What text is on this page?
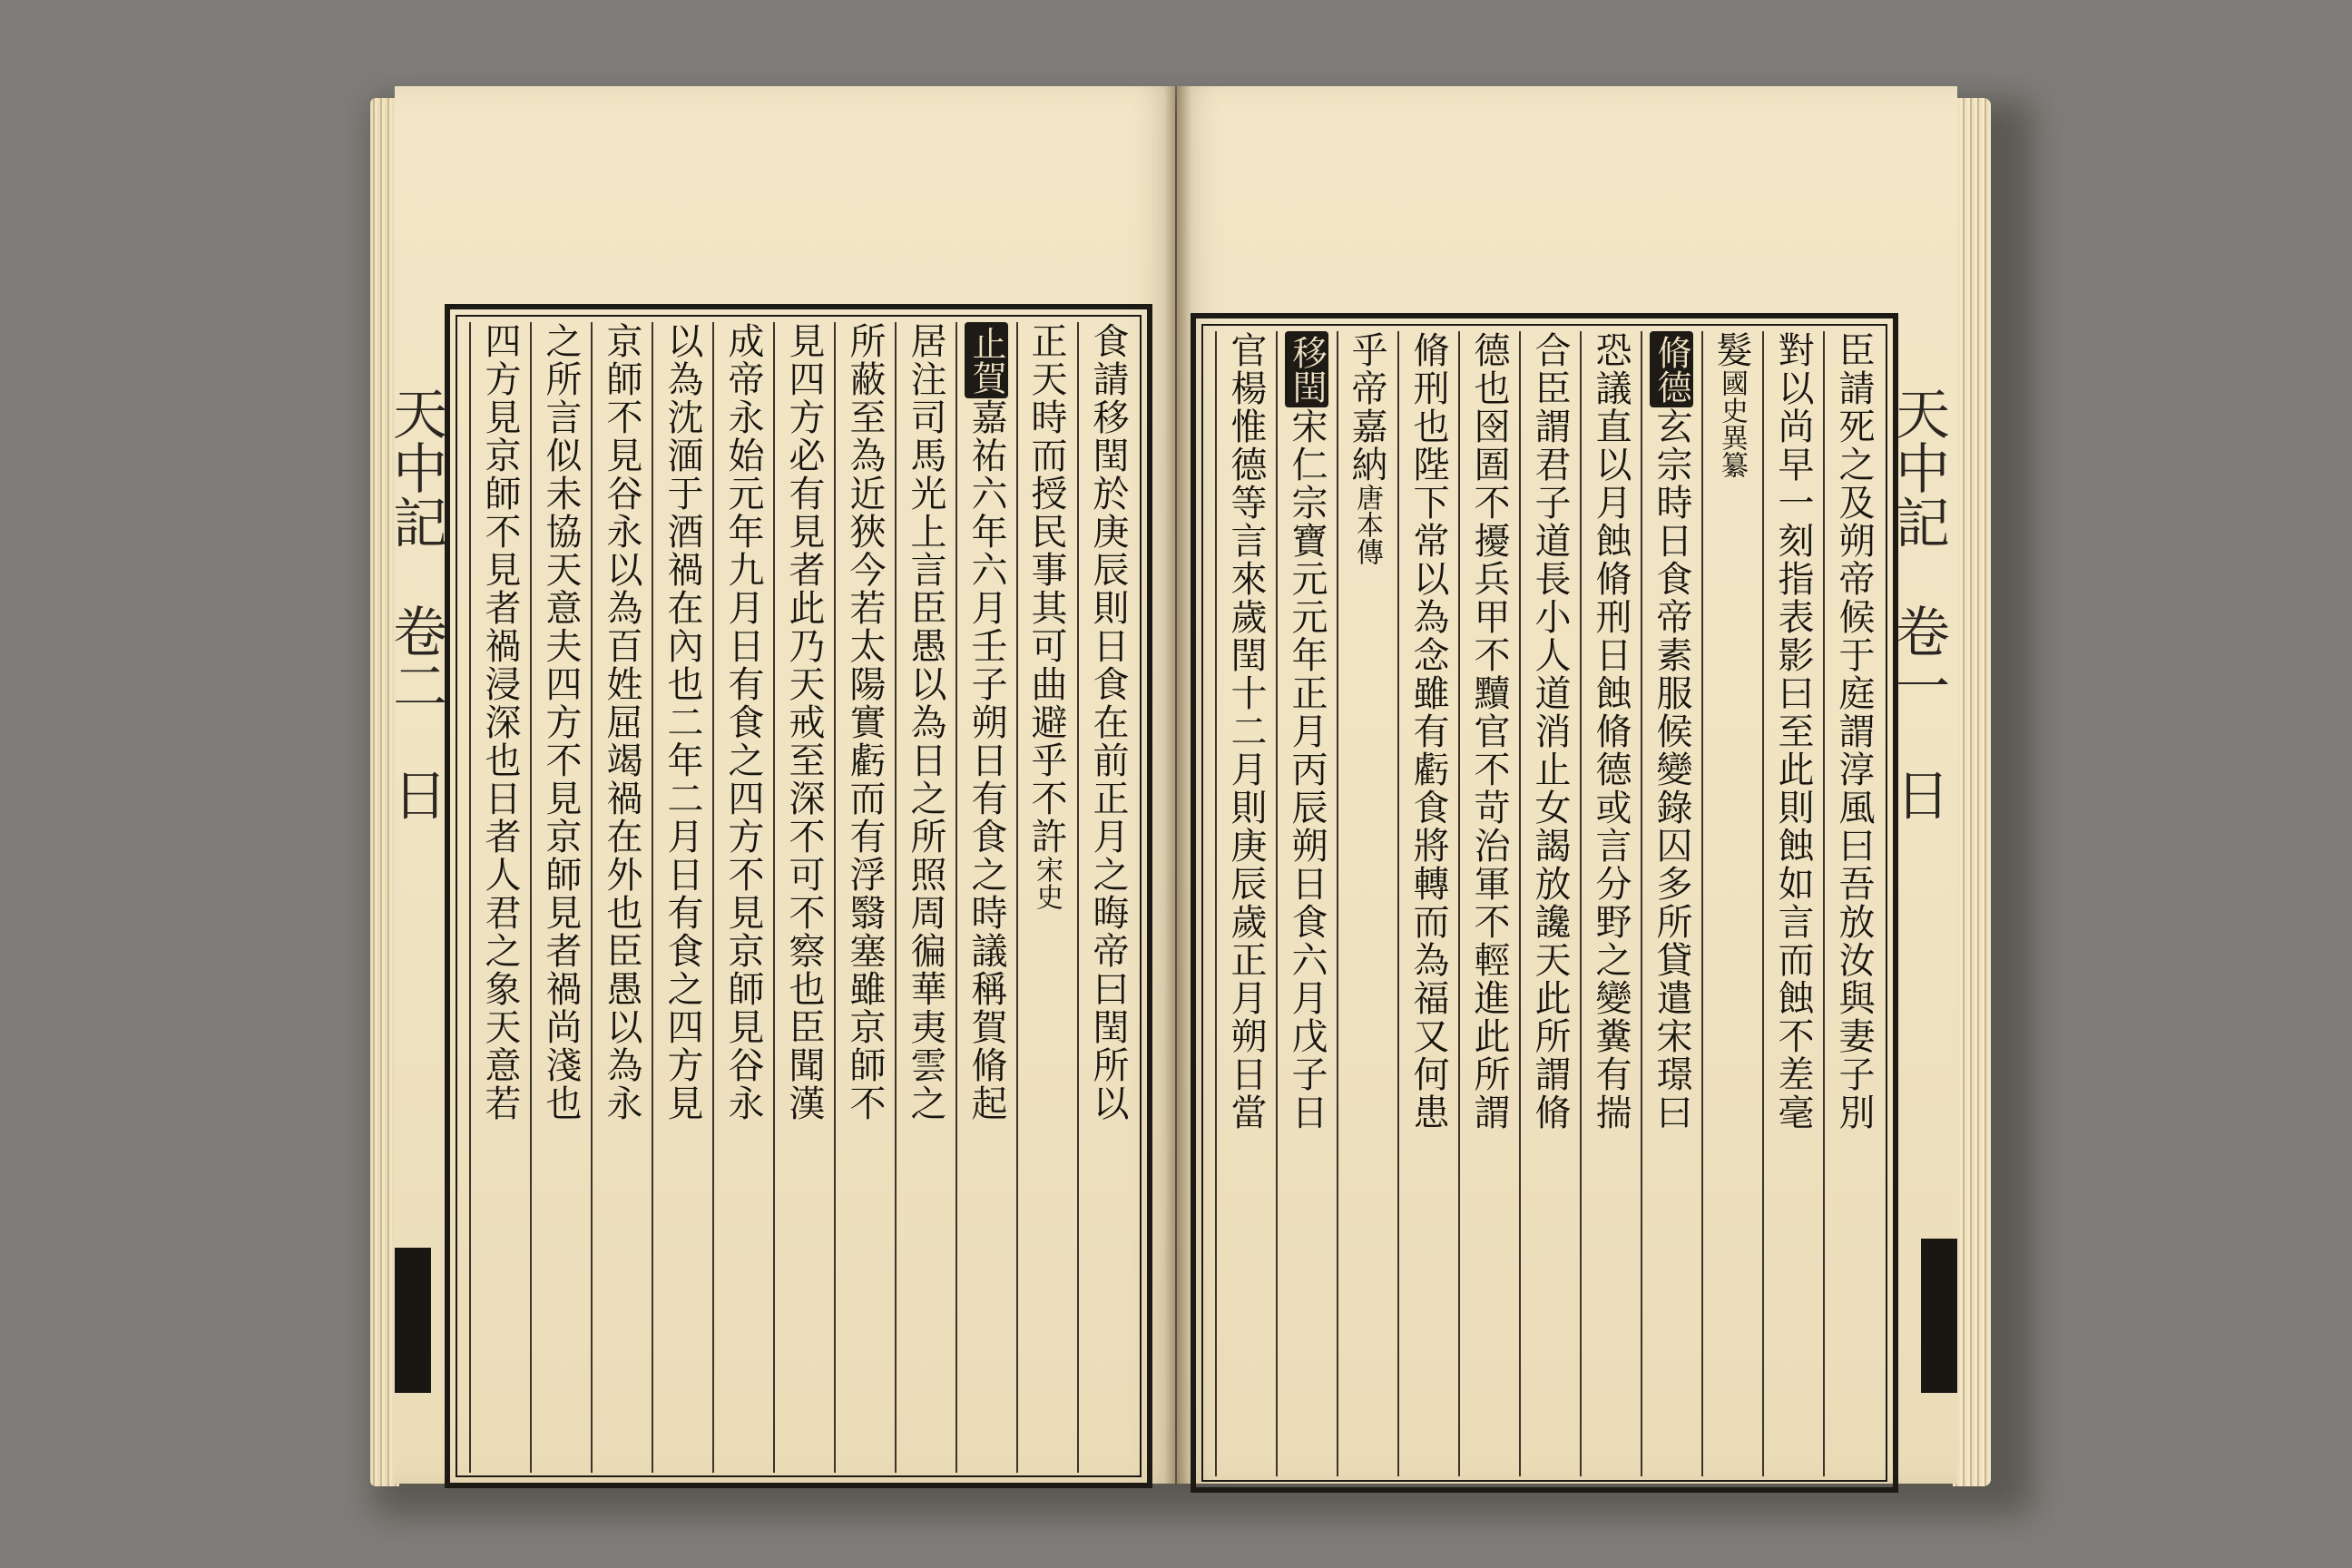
天中記　卷二　日	食請移閏於庚辰則日食在前正月之晦帝曰閏所以
正天時而授民事其可曲避乎不許宋史
止賀嘉祐六年六月壬子朔日有食之時議稱賀脩起
居注司馬光上言臣愚以為日之所照周徧華夷雲之
所蔽至為近狹今若太陽實虧而有浮翳塞雖京師不
見四方必有見者此乃天戒至深不可不察也臣聞漢
成帝永始元年九月日有食之四方不見京師見谷永
以為沈湎于酒禍在內也二年二月日有食之四方見
京師不見谷永以為百姓屈竭禍在外也臣愚以為永
之所言似未協天意夫四方不見京師見者禍尚淺也
四方見京師不見者禍浸深也日者人君之象天意若	天中記　卷一　日
臣請死之及朔帝候于庭謂淳風曰吾放汝與妻子別
對以尚早一刻指表影曰至此則蝕如言而蝕不差毫
髮國史異纂
脩德玄宗時日食帝素服候變錄囚多所貸遣宋璟曰
恐議直以月蝕脩刑日蝕脩德或言分野之變糞有揣
合臣謂君子道長小人道消止女謁放讒天此所謂脩
德也囹圄不擾兵甲不黷官不苛治軍不輕進此所謂
脩刑也陛下常以為念雖有虧食將轉而為福又何患
乎帝嘉納唐本傳
移閏宋仁宗寶元元年正月丙辰朔日食六月戊子日
官楊惟德等言來歲閏十二月則庚辰歲正月朔日當
